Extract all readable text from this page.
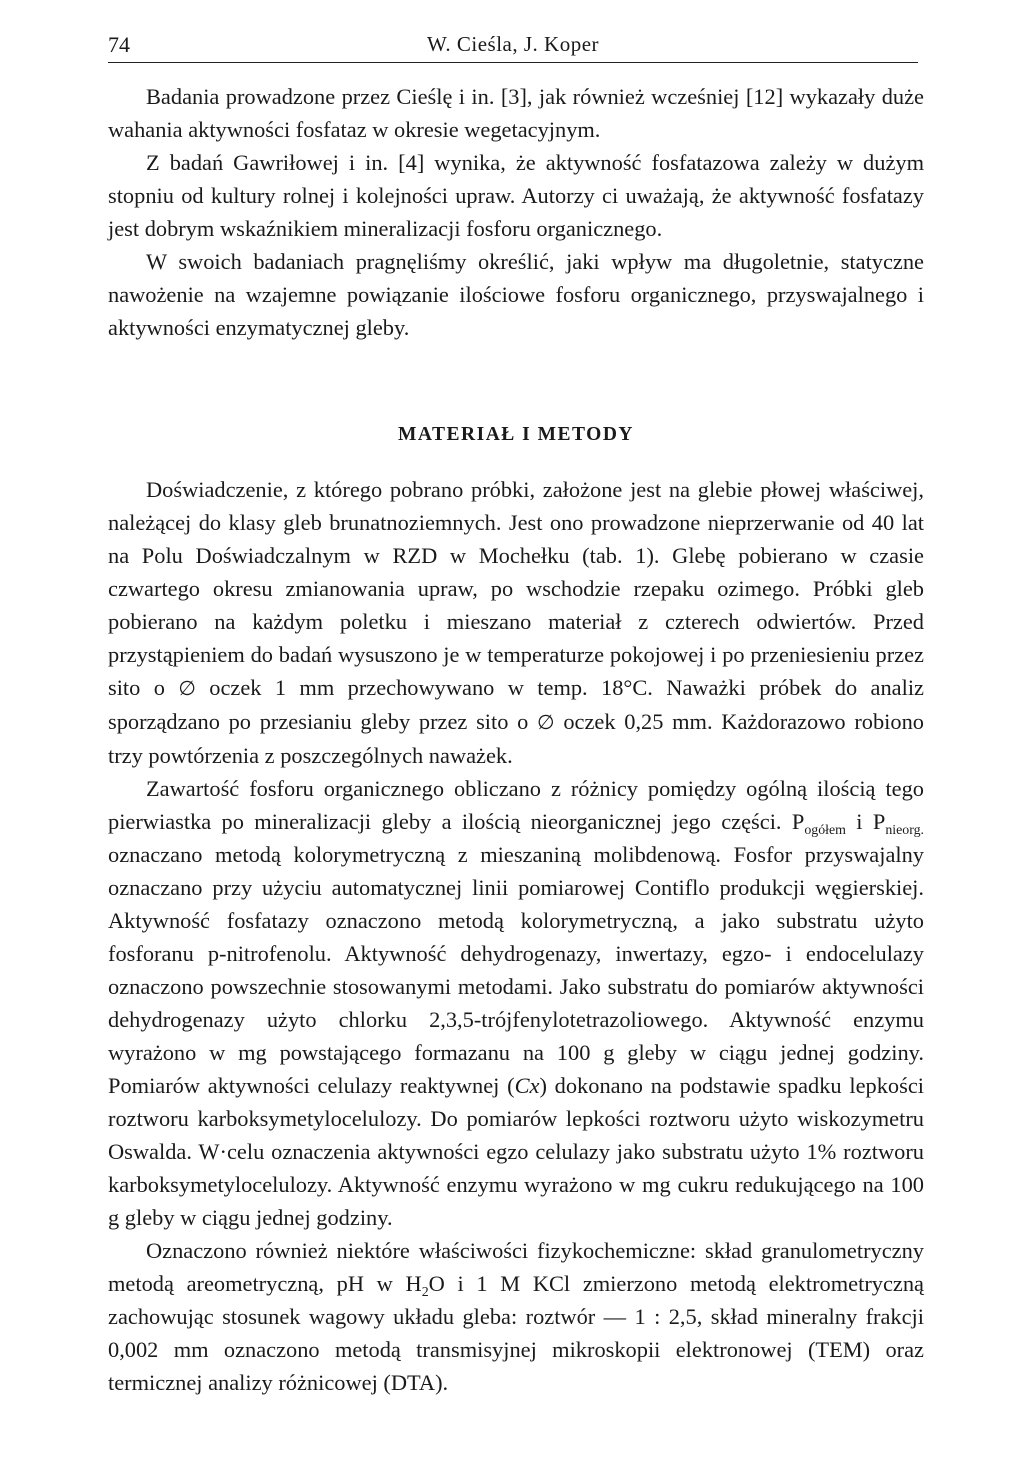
74	W. Cieśla, J. Koper

Badania prowadzone przez Cieślę i in. [3], jak również wcześniej [12] wykazały duże wahania aktywności fosfataz w okresie wegetacyjnym.

Z badań Gawriłowej i in. [4] wynika, że aktywność fosfatazowa zależy w dużym stopniu od kultury rolnej i kolejności upraw. Autorzy ci uważają, że aktywność fosfatazy jest dobrym wskaźnikiem mineralizacji fosforu organicznego.

W swoich badaniach pragnęliśmy określić, jaki wpływ ma długoletnie, statyczne nawożenie na wzajemne powiązanie ilościowe fosforu organicznego, przyswajalnego i aktywności enzymatycznej gleby.

MATERIAŁ I METODY

Doświadczenie, z którego pobrano próbki, założone jest na glebie płowej właściwej, należącej do klasy gleb brunatnoziemnych. Jest ono prowadzone nieprzerwanie od 40 lat na Polu Doświadczalnym w RZD w Mochełku (tab. 1). Glebę pobierano w czasie czwartego okresu zmianowania upraw, po wschodzie rzepaku ozimego. Próbki gleb pobierano na każdym poletku i mieszano materiał z czterech odwiertów. Przed przystąpieniem do badań wysuszono je w temperaturze pokojowej i po przeniesieniu przez sito o ∅ oczek 1 mm przechowywano w temp. 18°C. Naważki próbek do analiz sporządzano po przesianiu gleby przez sito o ∅ oczek 0,25 mm. Każdorazowo robiono trzy powtórzenia z poszczególnych naważek.

Zawartość fosforu organicznego obliczano z różnicy pomiędzy ogólną ilością tego pierwiastka po mineralizacji gleby a ilością nieorganicznej jego części. $P_{ogółem}$ i $P_{nieorg.}$ oznaczano metodą kolorymetryczną z mieszaniną molibdenową. Fosfor przyswajalny oznaczano przy użyciu automatycznej linii pomiarowej Contiflo produkcji węgierskiej. Aktywność fosfatazy oznaczono metodą kolorymetryczną, a jako substratu użyto fosforanu p-nitrofenolu. Aktywność dehydrogenazy, inwertazy, egzo- i endocelulazy oznaczono powszechnie stosowanymi metodami. Jako substratu do pomiarów aktywności dehydrogenazy użyto chlorku 2,3,5-trójfenylotetrazoliowego. Aktywność enzymu wyrażono w mg powstającego formazanu na 100 g gleby w ciągu jednej godziny. Pomiarów aktywności celulazy reaktywnej (Cx) dokonano na podstawie spadku lepkości roztworu karboksymetylocelulozy. Do pomiarów lepkości roztworu użyto wiskozymetru Oswalda. W·celu oznaczenia aktywności egzo celulazy jako substratu użyto 1% roztworu karboksymetylocelulozy. Aktywność enzymu wyrażono w mg cukru redukującego na 100 g gleby w ciągu jednej godziny.

Oznaczono również niektóre właściwości fizykochemiczne: skład granulometryczny metodą areometryczną, pH w $H_2O$ i 1 M KCl zmierzono metodą elektrometryczną zachowując stosunek wagowy układu gleba: roztwór — 1 : 2,5, skład mineralny frakcji 0,002 mm oznaczono metodą transmisyjnej mikroskopii elektronowej (TEM) oraz termicznej analizy różnicowej (DTA).
